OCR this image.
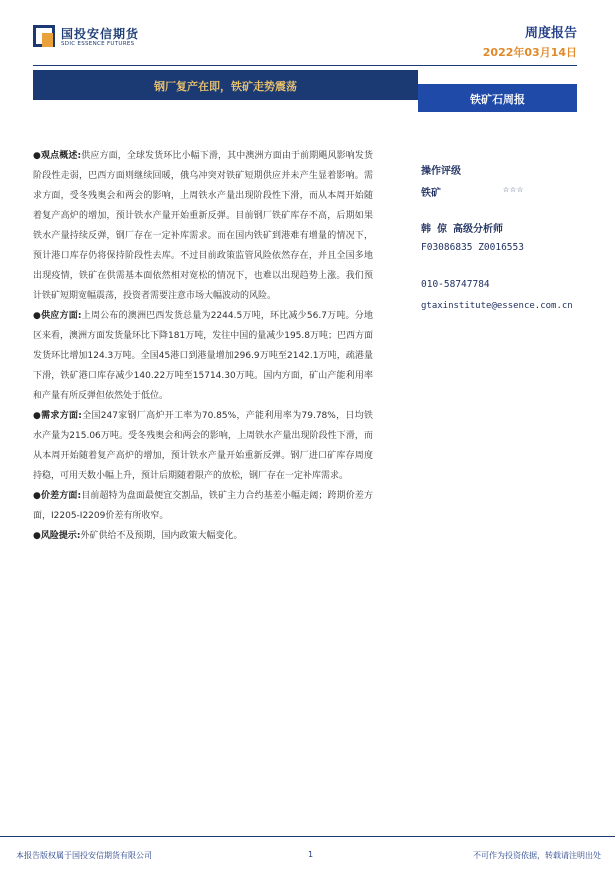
国投安信期货
SDIC ESSENCE FUTURES
周度报告
2022年03月14日
钢厂复产在即，铁矿走势震荡
铁矿石周报
●观点概述:供应方面，全球发货环比小幅下滑，其中澳洲方面由于前期飓风影响发货阶段性走弱，巴西方面则继续回暖，俄乌冲突对铁矿短期供应并未产生显着影响。需求方面，受冬残奥会和两会的影响，上周铁水产量出现阶段性下滑，而从本周开始随着复产高炉的增加，预计铁水产量开始重新反弹。目前钢厂铁矿库存不高，后期如果铁水产量持续反弹，钢厂存在一定补库需求。而在国内铁矿到港难有增量的情况下，预计港口库存仍将保持阶段性去库。不过目前政策监管风险依然存在，并且全国多地出现疫情，铁矿在供需基本面依然相对宽松的情况下，也难以出现趋势上涨。我们预计铁矿短期宽幅震荡，投资者需要注意市场大幅波动的风险。
●供应方面:上周公布的澳洲巴西发货总量为2244.5万吨，环比减少56.7万吨。分地区来看，澳洲方面发货量环比下降181万吨，发往中国的量减少195.8万吨；巴西方面发货环比增加124.3万吨。全国45港口到港量增加296.9万吨至2142.1万吨，疏港量下滑，铁矿港口库存减少140.22万吨至15714.30万吨。国内方面，矿山产能利用率和产量有所反弹但依然处于低位。
●需求方面:全国247家钢厂高炉开工率为70.85%，产能利用率为79.78%，日均铁水产量为215.06万吨。受冬残奥会和两会的影响，上周铁水产量出现阶段性下滑，而从本周开始随着复产高炉的增加，预计铁水产量开始重新反弹。钢厂进口矿库存周度持稳，可用天数小幅上升，预计后期随着限产的放松，钢厂存在一定补库需求。
●价差方面:目前超特为盘面最便宜交割品，铁矿主力合约基差小幅走阔；跨期价差方面，I2205-I2209价差有所收窄。
●风险提示:外矿供给不及预期，国内政策大幅变化。
操作评级
铁矿	☆☆☆
韩 倞 高级分析师
F03086835 Z0016553
010-58747784
gtaxinstitute@essence.com.cn
本报告版权属于国投安信期货有限公司	1	不可作为投资依据，转载请注明出处
